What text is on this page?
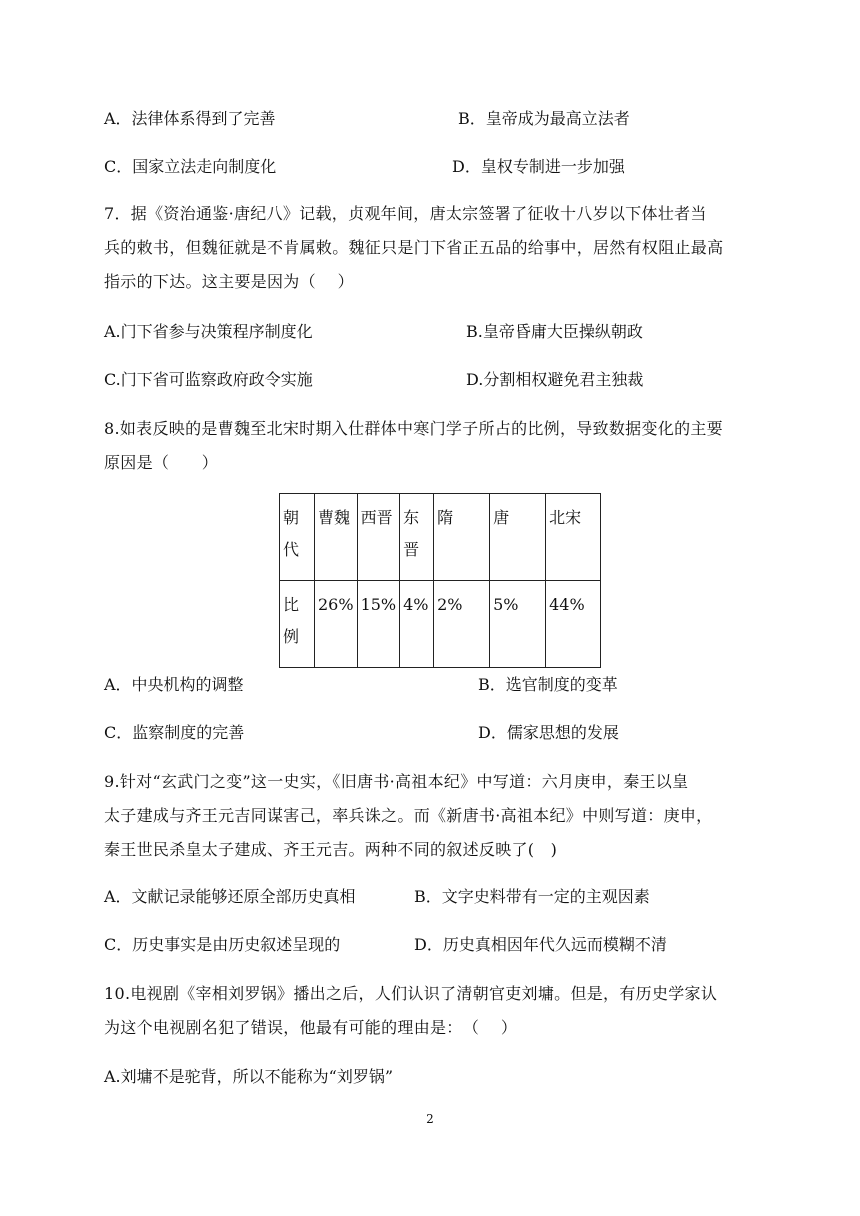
A．法律体系得到了完善	B．皇帝成为最高立法者
C．国家立法走向制度化	D．皇权专制进一步加强
7．据《资治通鉴·唐纪八》记载，贞观年间，唐太宗签署了征收十八岁以下体壮者当
兵的敕书，但魏征就是不肯属敕。魏征只是门下省正五品的给事中，居然有权阻止最高
指示的下达。这主要是因为（　 ）
A.门下省参与决策程序制度化	B.皇帝昏庸大臣操纵朝政
C.门下省可监察政府政令实施	D.分割相权避免君主独裁
8.如表反映的是曹魏至北宋时期入仕群体中寒门学子所占的比例，导致数据变化的主要
原因是（　　）
朝代	曹魏	西晋	东晋	隋	唐	北宋
比例	26%	15%	4%	2%	5%	44%
A．中央机构的调整	B．选官制度的变革
C．监察制度的完善	D．儒家思想的发展
9.针对“玄武门之变”这一史实，《旧唐书·高祖本纪》中写道：六月庚申，秦王以皇
太子建成与齐王元吉同谋害己，率兵诛之。而《新唐书·高祖本纪》中则写道：庚申，
秦王世民杀皇太子建成、齐王元吉。两种不同的叙述反映了(　)
A．文献记录能够还原全部历史真相	B．文字史料带有一定的主观因素
C．历史事实是由历史叙述呈现的	D．历史真相因年代久远而模糊不清
10.电视剧《宰相刘罗锅》播出之后，人们认识了清朝官吏刘墉。但是，有历史学家认
为这个电视剧名犯了错误，他最有可能的理由是：　（　 ）
A.刘墉不是驼背，所以不能称为“刘罗锅”
2
